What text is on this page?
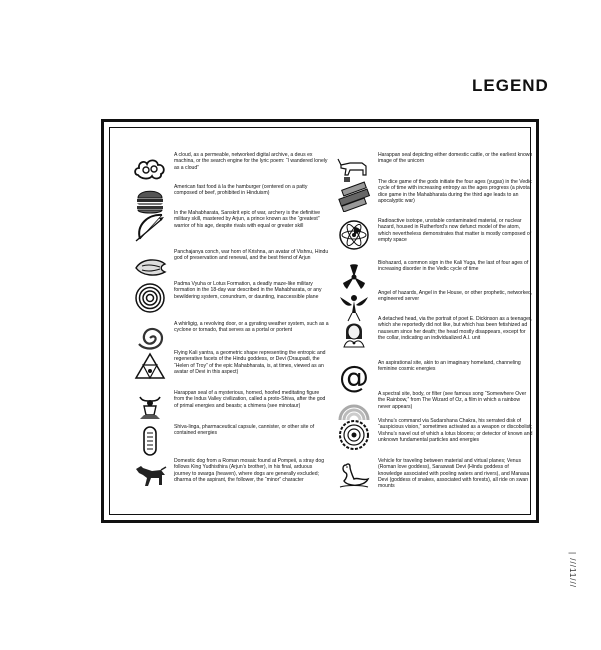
LEGEND
A cloud, as a permeable, networked digital archive, a deus ex machina, or the search engine for the lyric poem: “I wandered lonely as a cloud”
American fast food à la the hamburger (centered on a patty composed of beef, prohibited in Hinduism)
In the Mahabharata, Sanskrit epic of war, archery is the definitive military skill, mastered by Arjun, a prince known as the “greatest” warrior of his age, despite rivals with equal or greater skill
Panchajanya conch, war horn of Krishna, an avatar of Vishnu, Hindu god of preservation and renewal, and the best friend of Arjun
Padma Vyuha or Lotus Formation, a deadly maze-like military formation in the 18-day war described in the Mahabharata, or any bewildering system, conundrum, or daunting, inaccessible plane
A whirligig, a revolving door, or a gyrating weather system, such as a cyclone or tornado, that serves as a portal or portent
Flying Kali yantra, a geometric shape representing the entropic and regenerative facets of the Hindu goddess, or Devi (Draupadi, the “Helen of Troy” of the epic Mahabharata, is, at times, viewed as an avatar of Devi in this aspect)
Harappan seal of a mysterious, horned, hoofed meditating figure from the Indus Valley civilization, called a proto-Shiva, after the god of primal energies and beasts; a chimera (see minotaur)
Shiva-linga, pharmaceutical capsule, cannister, or other site of contained energies
Domestic dog from a Roman mosaic found at Pompeii, a stray dog follows King Yudhisthira (Arjun’s brother), in his final, arduous journey to swarga (heaven), where dogs are generally excluded; dharma of the aspirant, the follower, the “minor” character
Harappan seal depicting either domestic cattle, or the earliest known image of the unicorn
The dice game of the gods initiate the four ages (yugas) in the Vedic cycle of time with increasing entropy as the ages progress (a pivotal dice game in the Mahabharata during the third age leads to an apocalyptic war)
Radioactive isotope, unstable contaminated material, or nuclear hazard, housed in Rutherford’s now defunct model of the atom, which nevertheless demonstrates that matter is mostly composed of empty space
Biohazard, a common sign in the Kali Yuga, the last of four ages of increasing disorder in the Vedic cycle of time
Angel of hazards, Angel in the House, or other prophetic, networked, engineered server
A detached head, via the portrait of poet E. Dickinson as a teenager, which she reportedly did not like, but which has been fetishized ad nauseum since her death; the head mostly disappears, except for the collar, indicating an individualized A.I. unit
@ An aspirational site, akin to an imaginary homeland, channeling feminine cosmic energies
A spectral site, body, or filter (see famous song “Somewhere Over the Rainbow,” from The Wizard of Oz, a film in which a rainbow never appears)
Vishnu’s command via Sudarshana Chakra, his serrated disk of “auspicious vision,” sometimes activated as a weapon or discobolist; Vishnu’s navel out of which a lotus blooms; or detector of known and unknown fundamental particles and energies
Vehicle for traveling between material and virtual planes; Venus (Roman love goddess), Saraswati Devi (Hindu goddess of knowledge associated with pooling waters and rivers), and Manasa Devi (goddess of snakes, associated with forests), all ride on swan mounts
| ///11///
